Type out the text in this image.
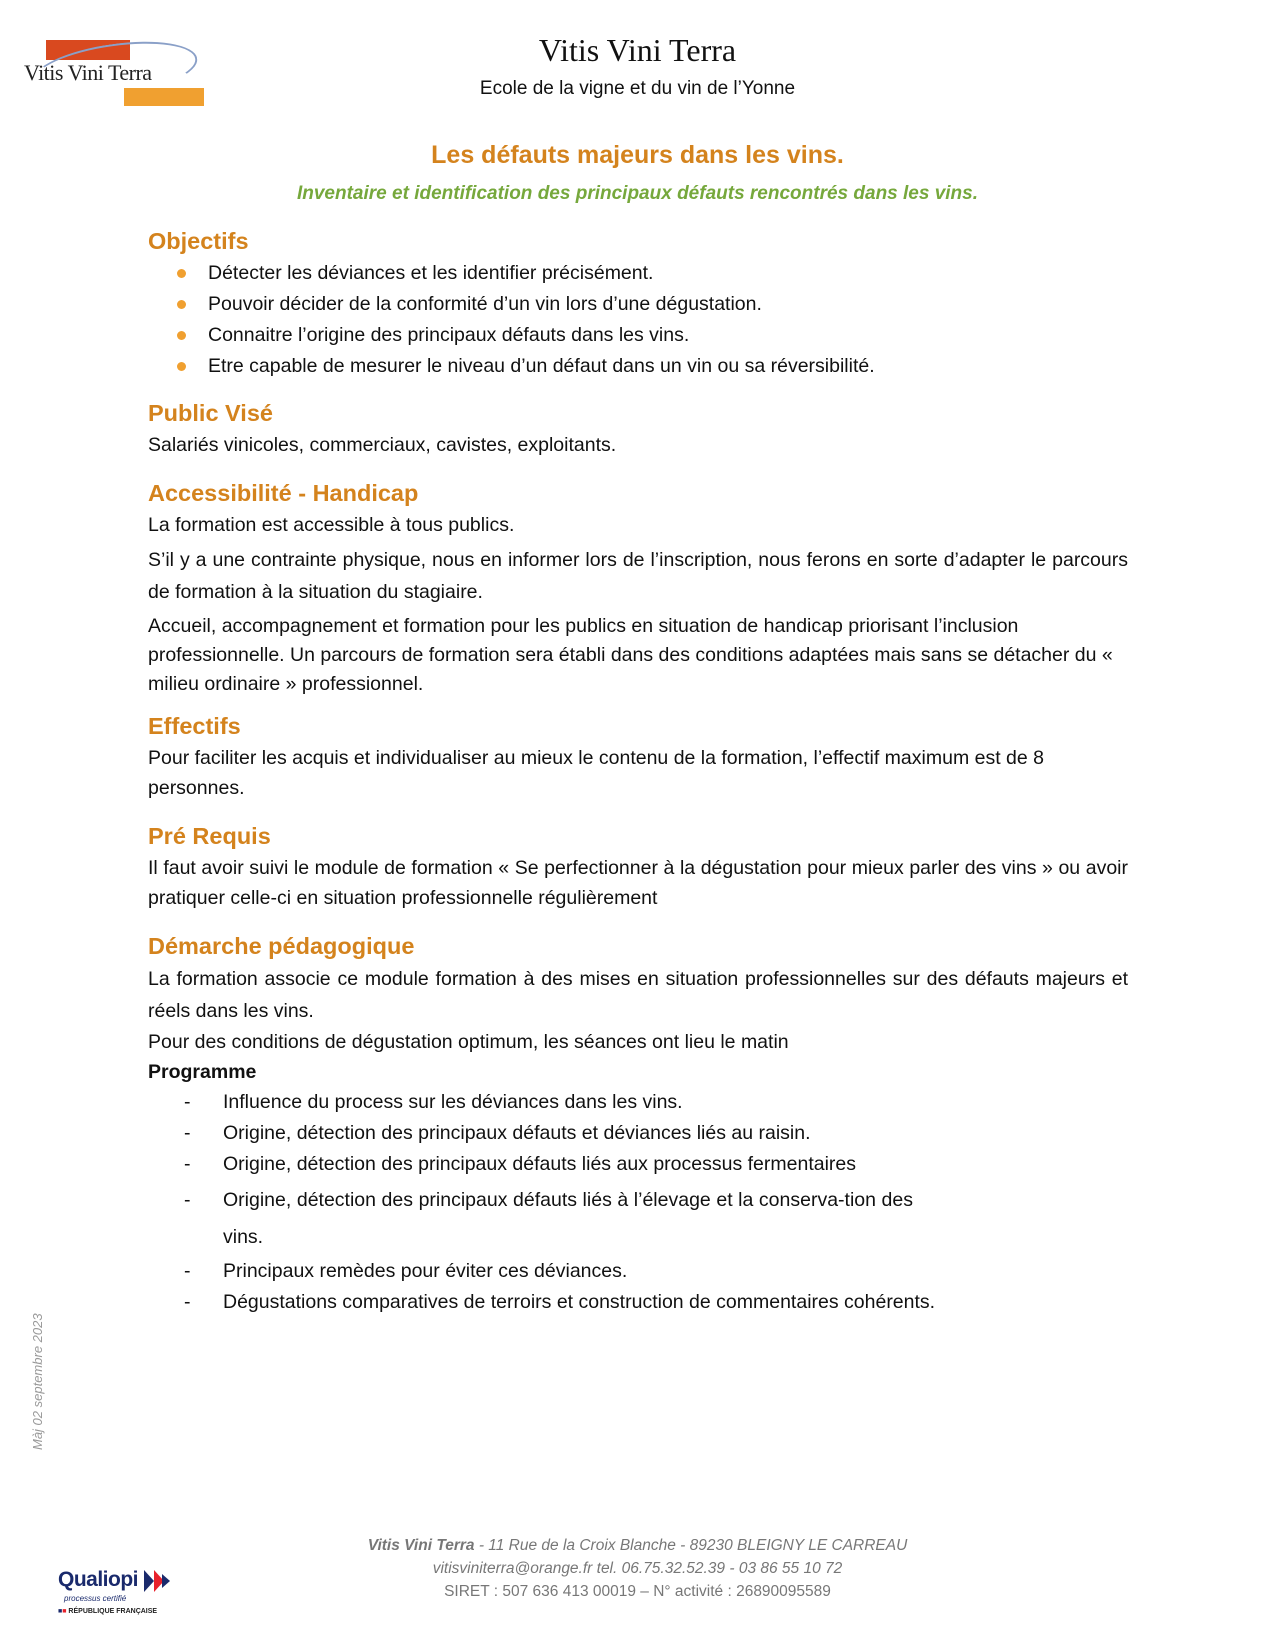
Vitis Vini Terra
Vitis Vini Terra
Ecole de la vigne et du vin de l’Yonne
Les défauts majeurs dans les vins.
Inventaire et identification des principaux défauts rencontrés dans les vins.
Objectifs
Détecter les déviances et les identifier précisément.
Pouvoir décider de la conformité d’un vin lors d’une dégustation.
Connaitre l’origine des principaux défauts dans les vins.
Etre capable de mesurer le niveau d’un défaut dans un vin ou sa réversibilité.
Public Visé

Salariés vinicoles, commerciaux, cavistes, exploitants.

Accessibilité - Handicap

La formation est accessible à tous publics.

S’il y a une contrainte physique, nous en informer lors de l’inscription, nous ferons en sorte d’adapter le parcours de formation à la situation du stagiaire.

Accueil, accompagnement et formation pour les publics en situation de handicap priorisant l’inclusion professionnelle. Un parcours de formation sera établi dans des conditions adaptées mais sans se détacher du « milieu ordinaire » professionnel.

Effectifs

Pour faciliter les acquis et individualiser au mieux le contenu de la formation, l’effectif maximum est de 8 personnes.

Pré Requis

Il faut avoir suivi le module de formation « Se perfectionner à la dégustation pour mieux parler des vins » ou avoir pratiquer celle-ci en situation professionnelle régulièrement

Démarche pédagogique

La formation associe ce module formation à des mises en situation professionnelles sur des défauts majeurs et réels dans les vins.

Pour des conditions de dégustation optimum, les séances ont lieu le matin

Programme

- Influence du process sur les déviances dans les vins.
- Origine, détection des principaux défauts et déviances liés au raisin.
- Origine, détection des principaux défauts liés aux processus fermentaires
- Origine, détection des principaux défauts liés à l’élevage et la conserva-tion des vins.
- Principaux remèdes pour éviter ces déviances.
- Dégustations comparatives de terroirs et construction de commentaires cohérents.
Màj 02 septembre 2023
Vitis Vini Terra - 11 Rue de la Croix Blanche - 89230 BLEIGNY LE CARREAU
vitisviniterra@orange.fr tel. 06.75.32.52.39 - 03 86 55 10 72
SIRET : 507 636 413 00019 – N° activité : 26890095589
Qualiopi
processus certifié
■■ RÉPUBLIQUE FRANÇAISE
